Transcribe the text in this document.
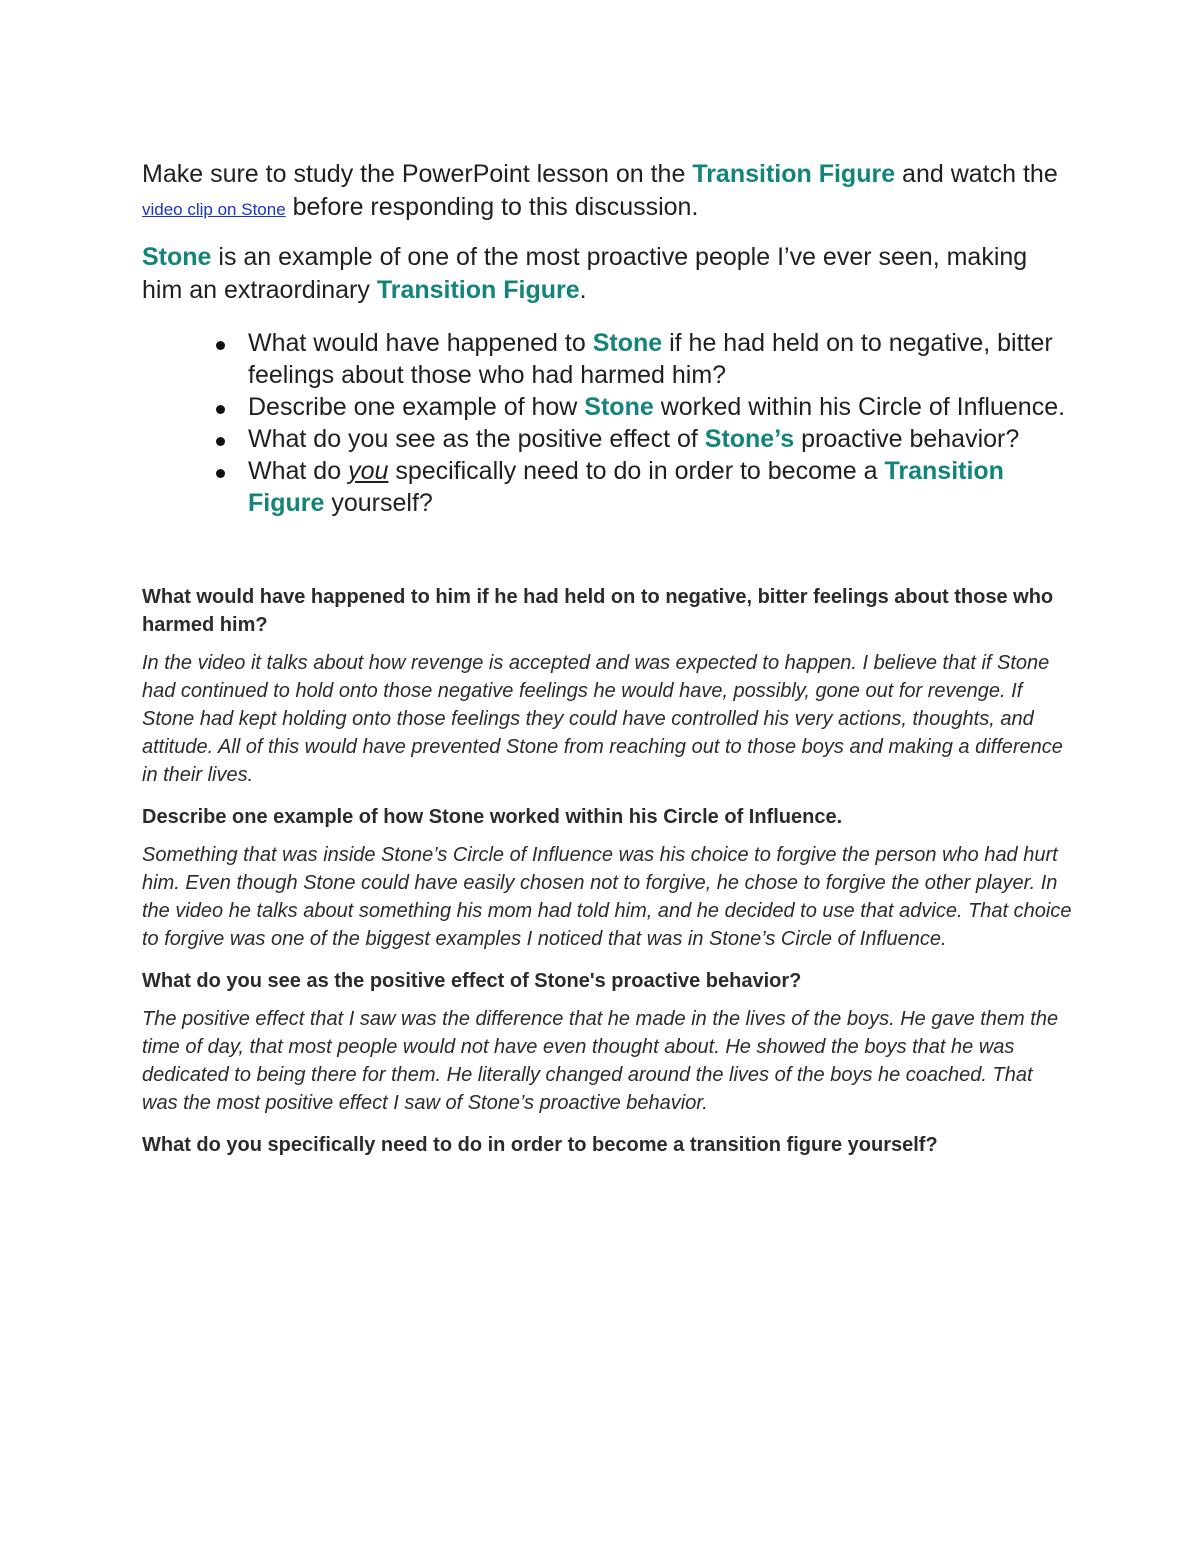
Make sure to study the PowerPoint lesson on the Transition Figure and watch the video clip on Stone before responding to this discussion.

Stone is an example of one of the most proactive people I’ve ever seen, making him an extraordinary Transition Figure.

What would have happened to Stone if he had held on to negative, bitter feelings about those who had harmed him?
Describe one example of how Stone worked within his Circle of Influence.
What do you see as the positive effect of Stone’s proactive behavior?
What do you specifically need to do in order to become a Transition Figure yourself?

What would have happened to him if he had held on to negative, bitter feelings about those who harmed him?

In the video it talks about how revenge is accepted and was expected to happen. I believe that if Stone had continued to hold onto those negative feelings he would have, possibly, gone out for revenge. If Stone had kept holding onto those feelings they could have controlled his very actions, thoughts, and attitude. All of this would have prevented Stone from reaching out to those boys and making a difference in their lives.

Describe one example of how Stone worked within his Circle of Influence.

Something that was inside Stone’s Circle of Influence was his choice to forgive the person who had hurt him. Even though Stone could have easily chosen not to forgive, he chose to forgive the other player. In the video he talks about something his mom had told him, and he decided to use that advice. That choice to forgive was one of the biggest examples I noticed that was in Stone’s Circle of Influence.

What do you see as the positive effect of Stone's proactive behavior?

The positive effect that I saw was the difference that he made in the lives of the boys. He gave them the time of day, that most people would not have even thought about. He showed the boys that he was dedicated to being there for them. He literally changed around the lives of the boys he coached. That was the most positive effect I saw of Stone’s proactive behavior.

What do you specifically need to do in order to become a transition figure yourself?
